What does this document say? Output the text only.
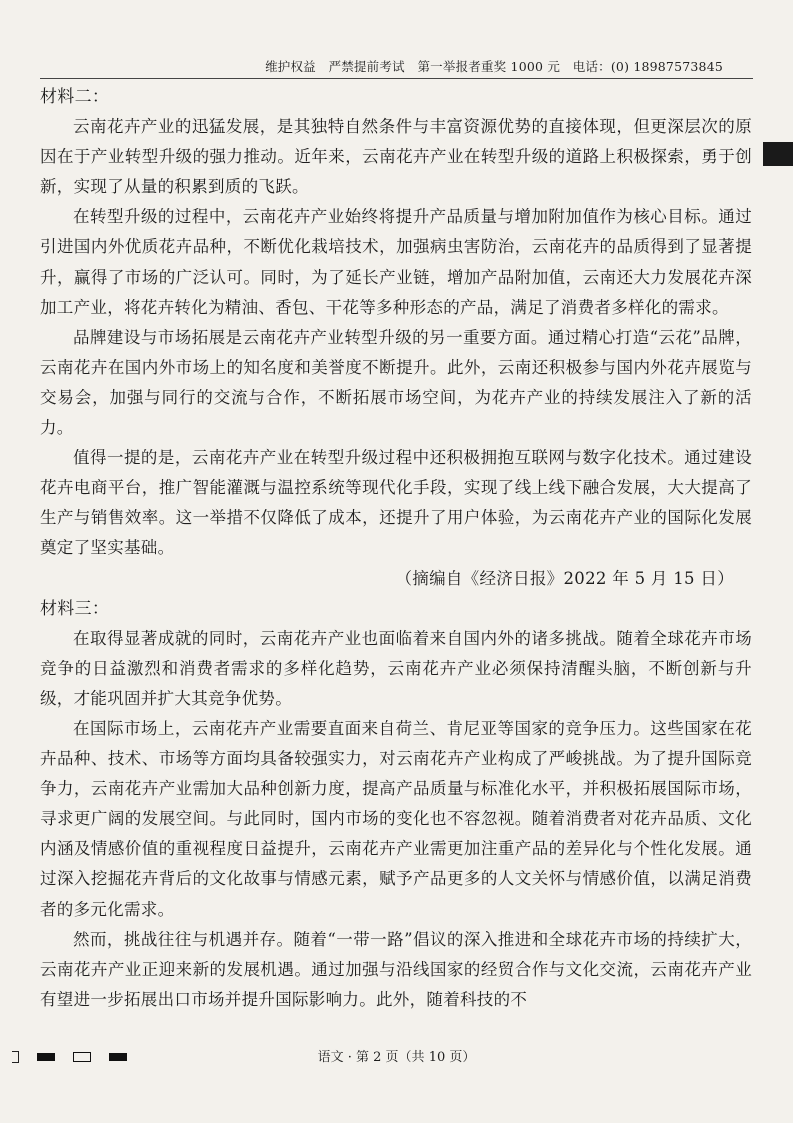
维护权益　严禁提前考试　第一举报者重奖 1000 元　电话：(0) 18987573845
材料二：

云南花卉产业的迅猛发展，是其独特自然条件与丰富资源优势的直接体现，但更深层次的原因在于产业转型升级的强力推动。近年来，云南花卉产业在转型升级的道路上积极探索，勇于创新，实现了从量的积累到质的飞跃。

在转型升级的过程中，云南花卉产业始终将提升产品质量与增加附加值作为核心目标。通过引进国内外优质花卉品种，不断优化栽培技术，加强病虫害防治，云南花卉的品质得到了显著提升，赢得了市场的广泛认可。同时，为了延长产业链，增加产品附加值，云南还大力发展花卉深加工产业，将花卉转化为精油、香包、干花等多种形态的产品，满足了消费者多样化的需求。

品牌建设与市场拓展是云南花卉产业转型升级的另一重要方面。通过精心打造“云花”品牌，云南花卉在国内外市场上的知名度和美誉度不断提升。此外，云南还积极参与国内外花卉展览与交易会，加强与同行的交流与合作，不断拓展市场空间，为花卉产业的持续发展注入了新的活力。

值得一提的是，云南花卉产业在转型升级过程中还积极拥抱互联网与数字化技术。通过建设花卉电商平台，推广智能灌溉与温控系统等现代化手段，实现了线上线下融合发展，大大提高了生产与销售效率。这一举措不仅降低了成本，还提升了用户体验，为云南花卉产业的国际化发展奠定了坚实基础。

（摘编自《经济日报》2022 年 5 月 15 日）

材料三：

在取得显著成就的同时，云南花卉产业也面临着来自国内外的诸多挑战。随着全球花卉市场竞争的日益激烈和消费者需求的多样化趋势，云南花卉产业必须保持清醒头脑，不断创新与升级，才能巩固并扩大其竞争优势。

在国际市场上，云南花卉产业需要直面来自荷兰、肯尼亚等国家的竞争压力。这些国家在花卉品种、技术、市场等方面均具备较强实力，对云南花卉产业构成了严峻挑战。为了提升国际竞争力，云南花卉产业需加大品种创新力度，提高产品质量与标准化水平，并积极拓展国际市场，寻求更广阔的发展空间。与此同时，国内市场的变化也不容忽视。随着消费者对花卉品质、文化内涵及情感价值的重视程度日益提升，云南花卉产业需更加注重产品的差异化与个性化发展。通过深入挖掘花卉背后的文化故事与情感元素，赋予产品更多的人文关怀与情感价值，以满足消费者的多元化需求。

然而，挑战往往与机遇并存。随着“一带一路”倡议的深入推进和全球花卉市场的持续扩大，云南花卉产业正迎来新的发展机遇。通过加强与沿线国家的经贸合作与文化交流，云南花卉产业有望进一步拓展出口市场并提升国际影响力。此外，随着科技的不

语文 · 第 2 页（共 10 页）
